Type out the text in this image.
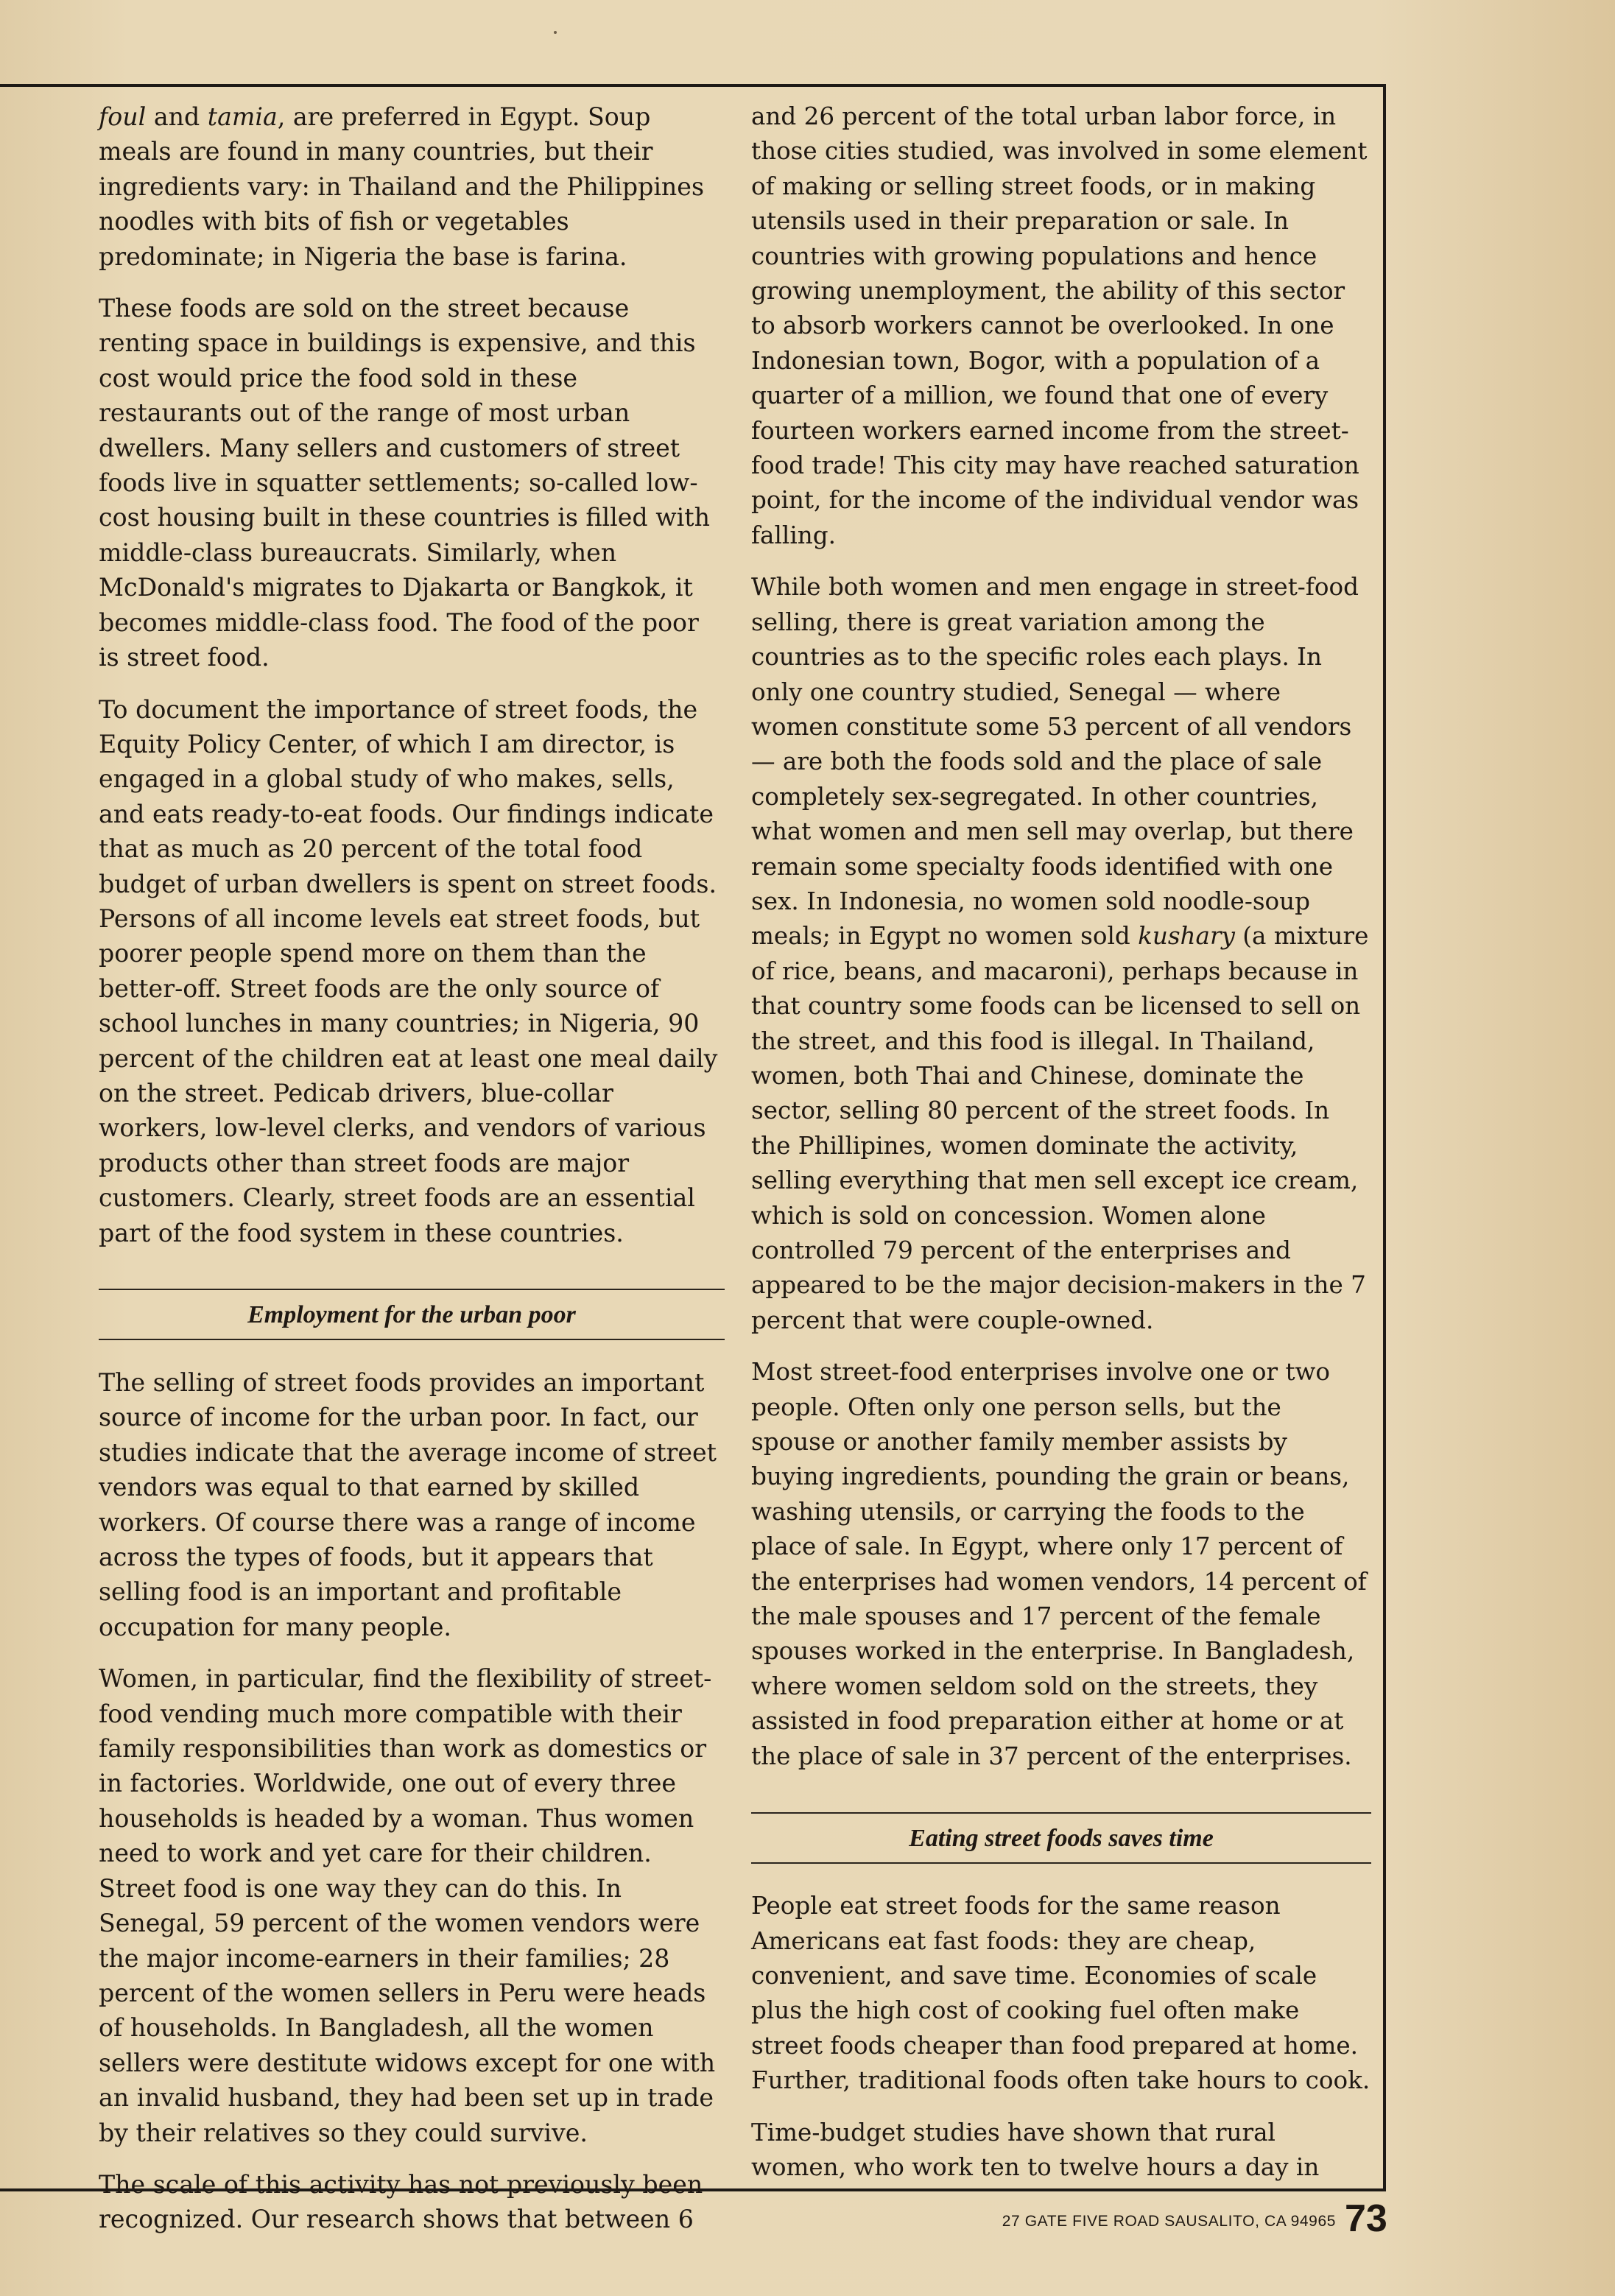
foul and tamia, are preferred in Egypt. Soup meals are found in many countries, but their ingredients vary: in Thailand and the Philippines noodles with bits of fish or vegetables predominate; in Nigeria the base is farina.

These foods are sold on the street because renting space in buildings is expensive, and this cost would price the food sold in these restaurants out of the range of most urban dwellers. Many sellers and customers of street foods live in squatter settlements; so-called low-cost housing built in these countries is filled with middle-class bureaucrats. Similarly, when McDonald's migrates to Djakarta or Bangkok, it becomes middle-class food. The food of the poor is street food.

To document the importance of street foods, the Equity Policy Center, of which I am director, is engaged in a global study of who makes, sells, and eats ready-to-eat foods. Our findings indicate that as much as 20 percent of the total food budget of urban dwellers is spent on street foods. Persons of all income levels eat street foods, but poorer people spend more on them than the better-off. Street foods are the only source of school lunches in many countries; in Nigeria, 90 percent of the children eat at least one meal daily on the street. Pedicab drivers, blue-collar workers, low-level clerks, and vendors of various products other than street foods are major customers. Clearly, street foods are an essential part of the food system in these countries.

Employment for the urban poor

The selling of street foods provides an important source of income for the urban poor. In fact, our studies indicate that the average income of street vendors was equal to that earned by skilled workers. Of course there was a range of income across the types of foods, but it appears that selling food is an important and profitable occupation for many people.

Women, in particular, find the flexibility of street-food vending much more compatible with their family responsibilities than work as domestics or in factories. Worldwide, one out of every three households is headed by a woman. Thus women need to work and yet care for their children. Street food is one way they can do this. In Senegal, 59 percent of the women vendors were the major income-earners in their families; 28 percent of the women sellers in Peru were heads of households. In Bangladesh, all the women sellers were destitute widows except for one with an invalid husband, they had been set up in trade by their relatives so they could survive.

The scale of this activity has not previously been recognized. Our research shows that between 6

and 26 percent of the total urban labor force, in those cities studied, was involved in some element of making or selling street foods, or in making utensils used in their preparation or sale. In countries with growing populations and hence growing unemployment, the ability of this sector to absorb workers cannot be overlooked. In one Indonesian town, Bogor, with a population of a quarter of a million, we found that one of every fourteen workers earned income from the street-food trade! This city may have reached saturation point, for the income of the individual vendor was falling.

While both women and men engage in street-food selling, there is great variation among the countries as to the specific roles each plays. In only one country studied, Senegal — where women constitute some 53 percent of all vendors — are both the foods sold and the place of sale completely sex-segregated. In other countries, what women and men sell may overlap, but there remain some specialty foods identified with one sex. In Indonesia, no women sold noodle-soup meals; in Egypt no women sold kushary (a mixture of rice, beans, and macaroni), perhaps because in that country some foods can be licensed to sell on the street, and this food is illegal. In Thailand, women, both Thai and Chinese, dominate the sector, selling 80 percent of the street foods. In the Phillipines, women dominate the activity, selling everything that men sell except ice cream, which is sold on concession. Women alone controlled 79 percent of the enterprises and appeared to be the major decision-makers in the 7 percent that were couple-owned.

Most street-food enterprises involve one or two people. Often only one person sells, but the spouse or another family member assists by buying ingredients, pounding the grain or beans, washing utensils, or carrying the foods to the place of sale. In Egypt, where only 17 percent of the enterprises had women vendors, 14 percent of the male spouses and 17 percent of the female spouses worked in the enterprise. In Bangladesh, where women seldom sold on the streets, they assisted in food preparation either at home or at the place of sale in 37 percent of the enterprises.

Eating street foods saves time

People eat street foods for the same reason Americans eat fast foods: they are cheap, convenient, and save time. Economies of scale plus the high cost of cooking fuel often make street foods cheaper than food prepared at home. Further, traditional foods often take hours to cook.

Time-budget studies have shown that rural women, who work ten to twelve hours a day in

27 GATE FIVE ROAD SAUSALITO, CA 94965 73
